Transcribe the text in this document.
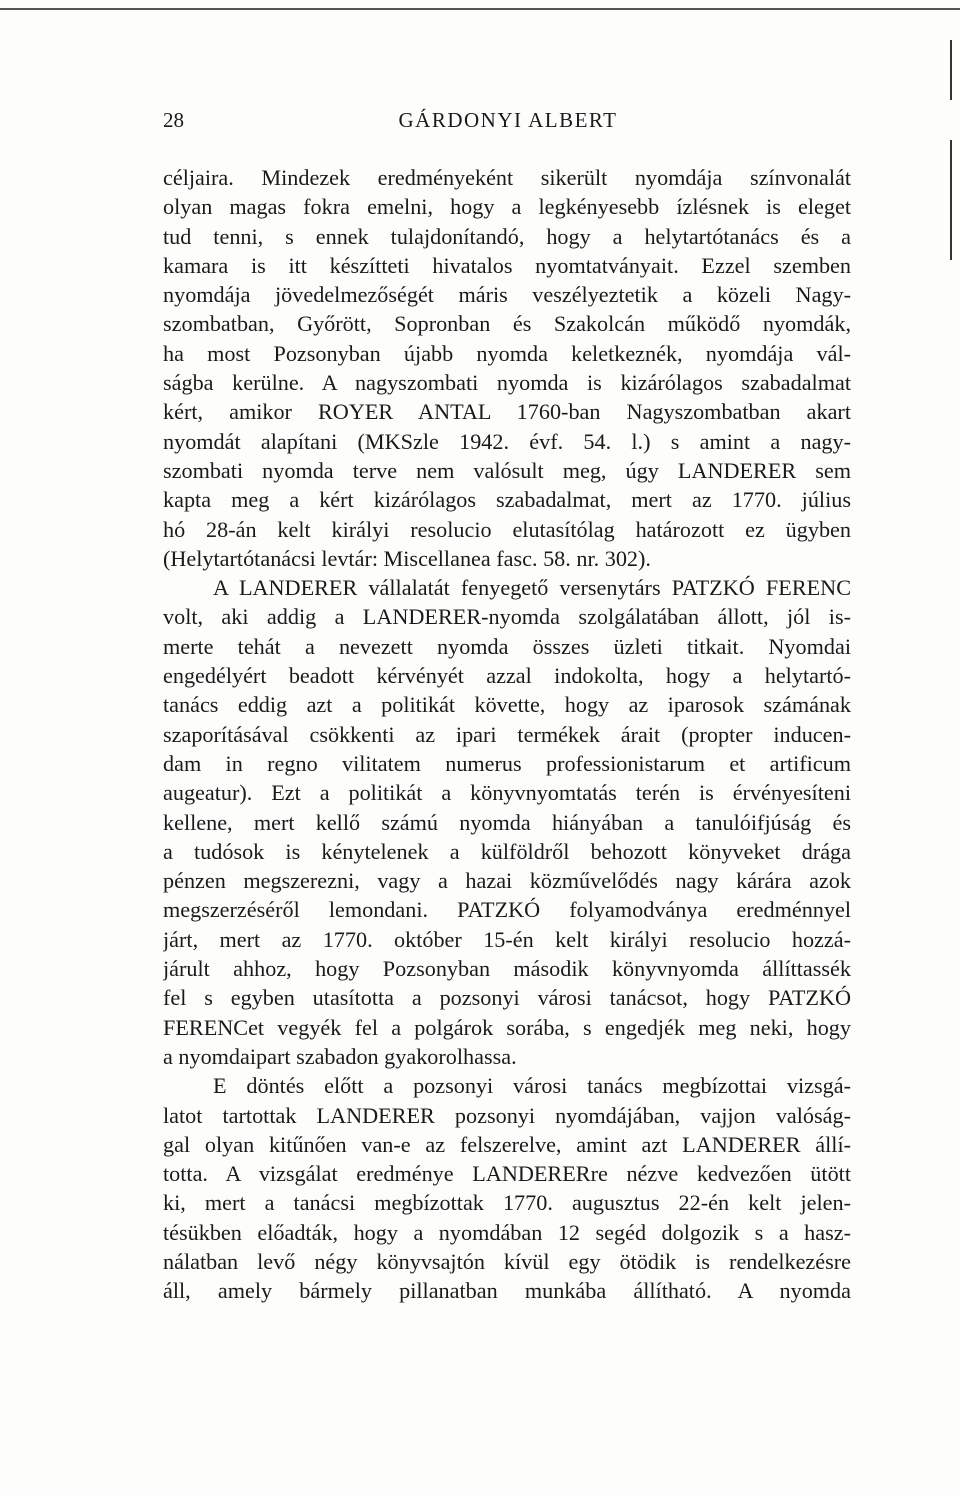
28	GÁRDONYI ALBERT
céljaira. Mindezek eredményeként sikerült nyomdája színvonalát
olyan magas fokra emelni, hogy a legkényesebb ízlésnek is eleget
tud tenni, s ennek tulajdonítandó, hogy a helytartótanács és a
kamara is itt készítteti hivatalos nyomtatványait. Ezzel szemben
nyomdája jövedelmezőségét máris veszélyeztetik a közeli Nagy-
szombatban, Győrött, Sopronban és Szakolcán működő nyomdák,
ha most Pozsonyban újabb nyomda keletkeznék, nyomdája vál-
ságba kerülne. A nagyszombati nyomda is kizárólagos szabadalmat
kért, amikor ROYER ANTAL 1760-ban Nagyszombatban akart
nyomdát alapítani (MKSzle 1942. évf. 54. l.) s amint a nagy-
szombati nyomda terve nem valósult meg, úgy LANDERER sem
kapta meg a kért kizárólagos szabadalmat, mert az 1770. július
hó 28-án kelt királyi resolucio elutasítólag határozott ez ügyben
(Helytartótanácsi levtár: Miscellanea fasc. 58. nr. 302).
A LANDERER vállalatát fenyegető versenytárs PATZKÓ FERENC
volt, aki addig a LANDERER-nyomda szolgálatában állott, jól is-
merte tehát a nevezett nyomda összes üzleti titkait. Nyomdai
engedélyért beadott kérvényét azzal indokolta, hogy a helytartó-
tanács eddig azt a politikát követte, hogy az iparosok számának
szaporításával csökkenti az ipari termékek árait (propter inducen-
dam in regno vilitatem numerus professionistarum et artificum
augeatur). Ezt a politikát a könyvnyomtatás terén is érvényesíteni
kellene, mert kellő számú nyomda hiányában a tanulóifjúság és
a tudósok is kénytelenek a külföldről behozott könyveket drága
pénzen megszerezni, vagy a hazai közművelődés nagy kárára azok
megszerzéséről lemondani. PATZKÓ folyamodványa eredménnyel
járt, mert az 1770. október 15-én kelt királyi resolucio hozzá-
járult ahhoz, hogy Pozsonyban második könyvnyomda állíttassék
fel s egyben utasította a pozsonyi városi tanácsot, hogy PATZKÓ
FERENCet vegyék fel a polgárok sorába, s engedjék meg neki, hogy
a nyomdaipart szabadon gyakorolhassa.
E döntés előtt a pozsonyi városi tanács megbízottai vizsgá-
latot tartottak LANDERER pozsonyi nyomdájában, vajjon valóság-
gal olyan kitűnően van-e az felszerelve, amint azt LANDERER állí-
totta. A vizsgálat eredménye LANDERERre nézve kedvezően ütött
ki, mert a tanácsi megbízottak 1770. augusztus 22-én kelt jelen-
tésükben előadták, hogy a nyomdában 12 segéd dolgozik s a hasz-
nálatban levő négy könyvsajtón kívül egy ötödik is rendelkezésre
áll, amely bármely pillanatban munkába állítható. A nyomda
